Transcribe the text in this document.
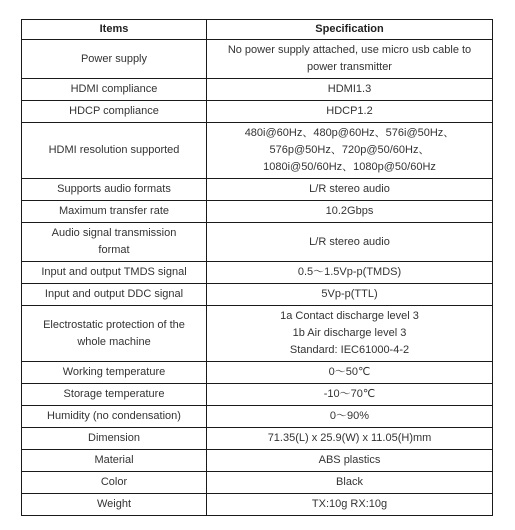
Items	Specification

Power supply	No power supply attached, use micro usb cable to
power transmitter

HDMI compliance	HDMI1.3

HDCP compliance	HDCP1.2

HDMI resolution supported	480i@60Hz、480p@60Hz、576i@50Hz、
576p@50Hz、720p@50/60Hz、
1080i@50/60Hz、1080p@50/60Hz

Supports audio formats	L/R stereo audio

Maximum transfer rate	10.2Gbps

Audio signal transmission
format	L/R stereo audio

Input and output TMDS signal	0.5～1.5Vp-p(TMDS)

Input and output DDC signal	5Vp-p(TTL)

Electrostatic protection of the
whole machine	1a Contact discharge level 3
1b Air discharge level 3
Standard: IEC61000-4-2

Working temperature	0～50℃

Storage temperature	-10～70℃

Humidity (no condensation)	0～90%

Dimension	71.35(L) x 25.9(W) x 11.05(H)mm

Material	ABS plastics

Color	Black

Weight	TX:10g RX:10g
